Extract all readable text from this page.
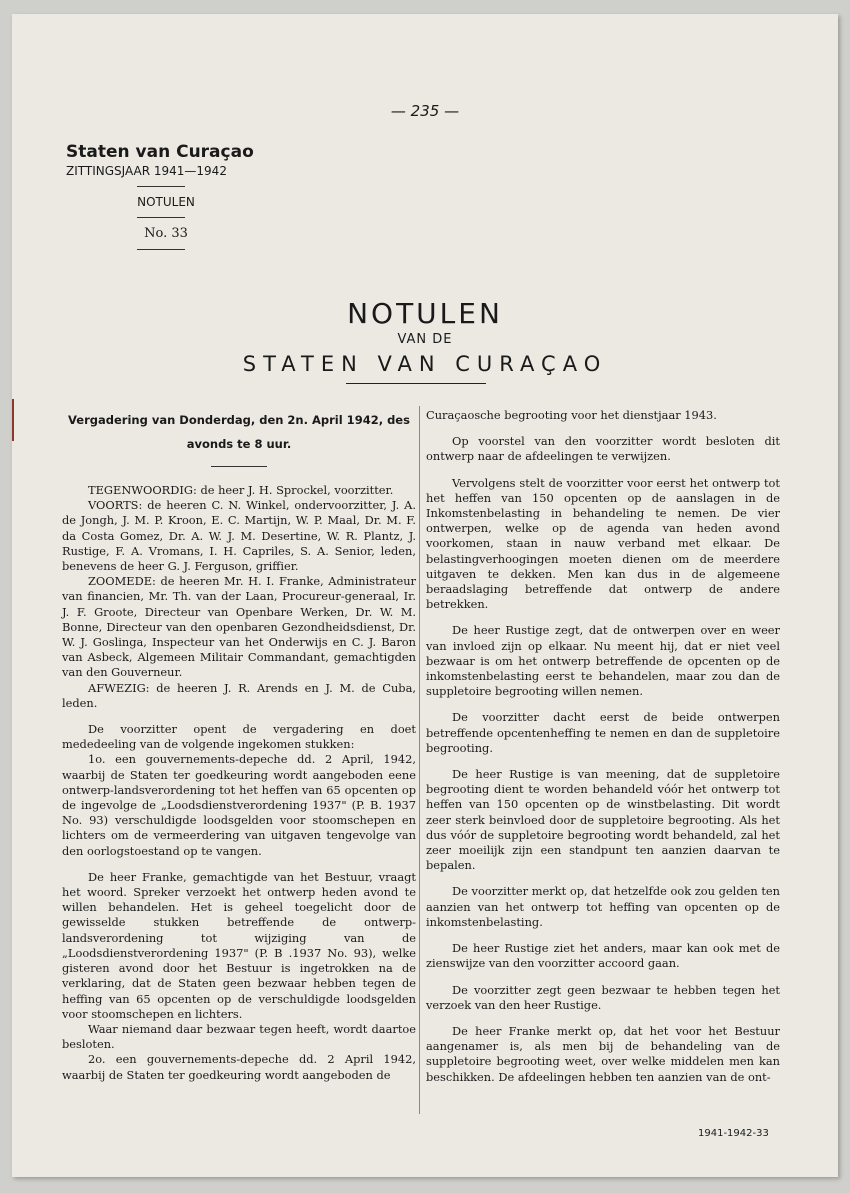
— 235 —
Staten van Curaçao
ZITTINGSJAAR 1941—1942
NOTULEN
No. 33
NOTULEN
VAN DE
STATEN VAN CURAÇAO
Vergadering van Donderdag, den 2n. April 1942, des avonds te 8 uur.

TEGENWOORDIG: de heer J. H. Sprockel, voorzitter.

VOORTS: de heeren C. N. Winkel, ondervoorzitter, J. A. de Jongh, J. M. P. Kroon, E. C. Martijn, W. P. Maal, Dr. M. F. da Costa Gomez, Dr. A. W. J. M. Desertine, W. R. Plantz, J. Rustige, F. A. Vromans, I. H. Capriles, S. A. Senior, leden, benevens de heer G. J. Ferguson, griffier.

ZOOMEDE: de heeren Mr. H. I. Franke, Administrateur van financien, Mr. Th. van der Laan, Procureur-generaal, Ir. J. F. Groote, Directeur van Openbare Werken, Dr. W. M. Bonne, Directeur van den openbaren Gezondheidsdienst, Dr. W. J. Goslinga, Inspecteur van het Onderwijs en C. J. Baron van Asbeck, Algemeen Militair Commandant, gemachtigden van den Gouverneur.

AFWEZIG: de heeren J. R. Arends en J. M. de Cuba, leden.

De voorzitter opent de vergadering en doet mededeeling van de volgende ingekomen stukken:

1o. een gouvernements-depeche dd. 2 April, 1942, waarbij de Staten ter goedkeuring wordt aangeboden eene ontwerp-landsverordening tot het heffen van 65 opcenten op de ingevolge de „Loodsdienstverordening 1937" (P. B. 1937 No. 93) verschuldigde loodsgelden voor stoomschepen en lichters om de vermeerdering van uitgaven tengevolge van den oorlogstoestand op te vangen.

De heer Franke, gemachtigde van het Bestuur, vraagt het woord. Spreker verzoekt het ontwerp heden avond te willen behandelen. Het is geheel toegelicht door de gewisselde stukken betreffende de ontwerp-landsverordening tot wijziging van de „Loodsdienstverordening 1937" (P. B .1937 No. 93), welke gisteren avond door het Bestuur is ingetrokken na de verklaring, dat de Staten geen bezwaar hebben tegen de heffing van 65 opcenten op de verschuldigde loodsgelden voor stoomschepen en lichters.

Waar niemand daar bezwaar tegen heeft, wordt daartoe besloten.

2o. een gouvernements-depeche dd. 2 April 1942, waarbij de Staten ter goedkeuring wordt aangeboden de

Curaçaosche begrooting voor het dienstjaar 1943.

Op voorstel van den voorzitter wordt besloten dit ontwerp naar de afdeelingen te verwijzen.

Vervolgens stelt de voorzitter voor eerst het ontwerp tot het heffen van 150 opcenten op de aanslagen in de Inkomstenbelasting in behandeling te nemen. De vier ontwerpen, welke op de agenda van heden avond voorkomen, staan in nauw verband met elkaar. De belastingverhoogingen moeten dienen om de meerdere uitgaven te dekken. Men kan dus in de algemeene beraadslaging betreffende dat ontwerp de andere betrekken.

De heer Rustige zegt, dat de ontwerpen over en weer van invloed zijn op elkaar. Nu meent hij, dat er niet veel bezwaar is om het ontwerp betreffende de opcenten op de inkomstenbelasting eerst te behandelen, maar zou dan de suppletoire begrooting willen nemen.

De voorzitter dacht eerst de beide ontwerpen betreffende opcentenheffing te nemen en dan de suppletoire begrooting.

De heer Rustige is van meening, dat de suppletoire begrooting dient te worden behandeld vóór het ontwerp tot heffen van 150 opcenten op de winstbelasting. Dit wordt zeer sterk beinvloed door de suppletoire begrooting. Als het dus vóór de suppletoire begrooting wordt behandeld, zal het zeer moeilijk zijn een standpunt ten aanzien daarvan te bepalen.

De voorzitter merkt op, dat hetzelfde ook zou gelden ten aanzien van het ontwerp tot heffing van opcenten op de inkomstenbelasting.

De heer Rustige ziet het anders, maar kan ook met de zienswijze van den voorzitter accoord gaan.

De voorzitter zegt geen bezwaar te hebben tegen het verzoek van den heer Rustige.

De heer Franke merkt op, dat het voor het Bestuur aangenamer is, als men bij de behandeling van de suppletoire begrooting weet, over welke middelen men kan beschikken. De afdeelingen hebben ten aanzien van de ont-

1941-1942-33
